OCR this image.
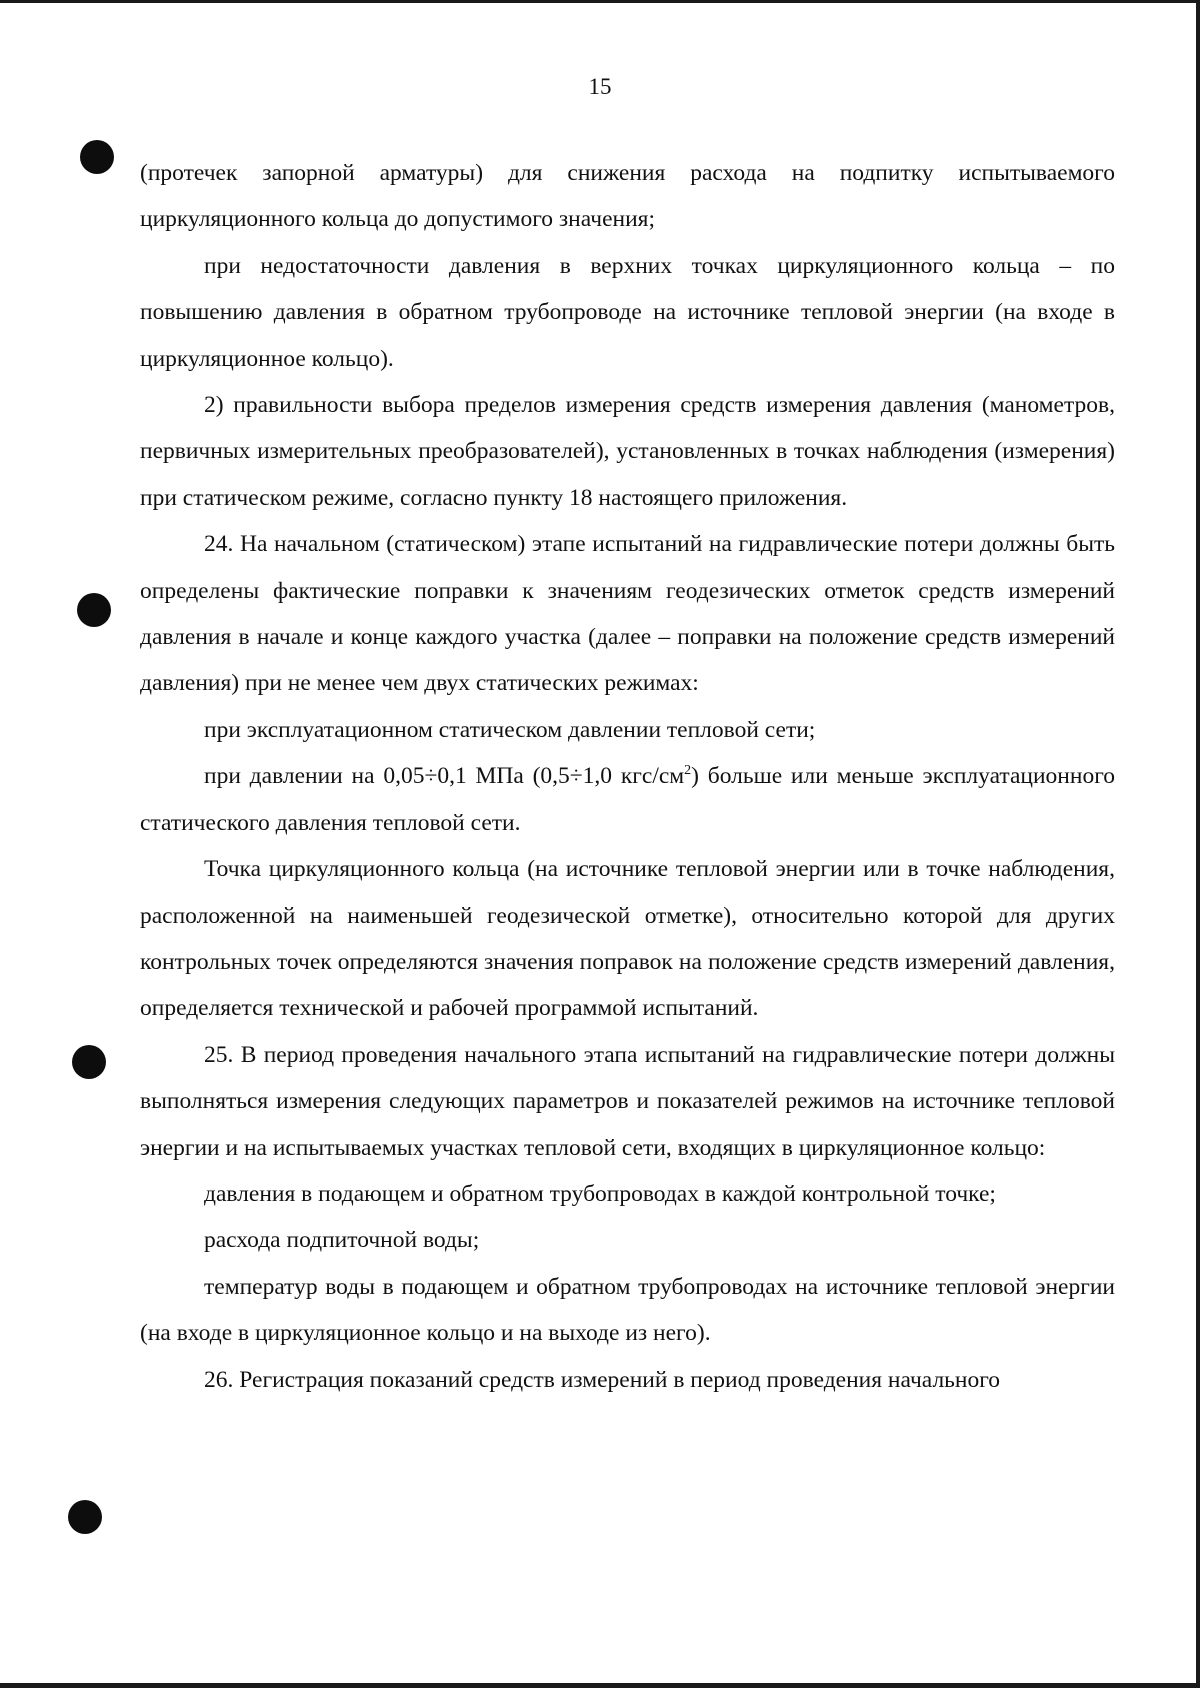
15

(протечек запорной арматуры) для снижения расхода на подпитку испытываемого циркуляционного кольца до допустимого значения;

при недостаточности давления в верхних точках циркуляционного кольца – по повышению давления в обратном трубопроводе на источнике тепловой энергии (на входе в циркуляционное кольцо).

2) правильности выбора пределов измерения средств измерения давления (манометров, первичных измерительных преобразователей), установленных в точках наблюдения (измерения) при статическом режиме, согласно пункту 18 настоящего приложения.

24. На начальном (статическом) этапе испытаний на гидравлические потери должны быть определены фактические поправки к значениям геодезических отметок средств измерений давления в начале и конце каждого участка (далее – поправки на положение средств измерений давления) при не менее чем двух статических режимах:

при эксплуатационном статическом давлении тепловой сети;

при давлении на 0,05÷0,1 МПа (0,5÷1,0 кгс/$см^2$) больше или меньше эксплуатационного статического давления тепловой сети.

Точка циркуляционного кольца (на источнике тепловой энергии или в точке наблюдения, расположенной на наименьшей геодезической отметке), относительно которой для других контрольных точек определяются значения поправок на положение средств измерений давления, определяется технической и рабочей программой испытаний.

25. В период проведения начального этапа испытаний на гидравлические потери должны выполняться измерения следующих параметров и показателей режимов на источнике тепловой энергии и на испытываемых участках тепловой сети, входящих в циркуляционное кольцо:

давления в подающем и обратном трубопроводах в каждой контрольной точке;

расхода подпиточной воды;

температур воды в подающем и обратном трубопроводах на источнике тепловой энергии (на входе в циркуляционное кольцо и на выходе из него).

26. Регистрация показаний средств измерений в период проведения начального
